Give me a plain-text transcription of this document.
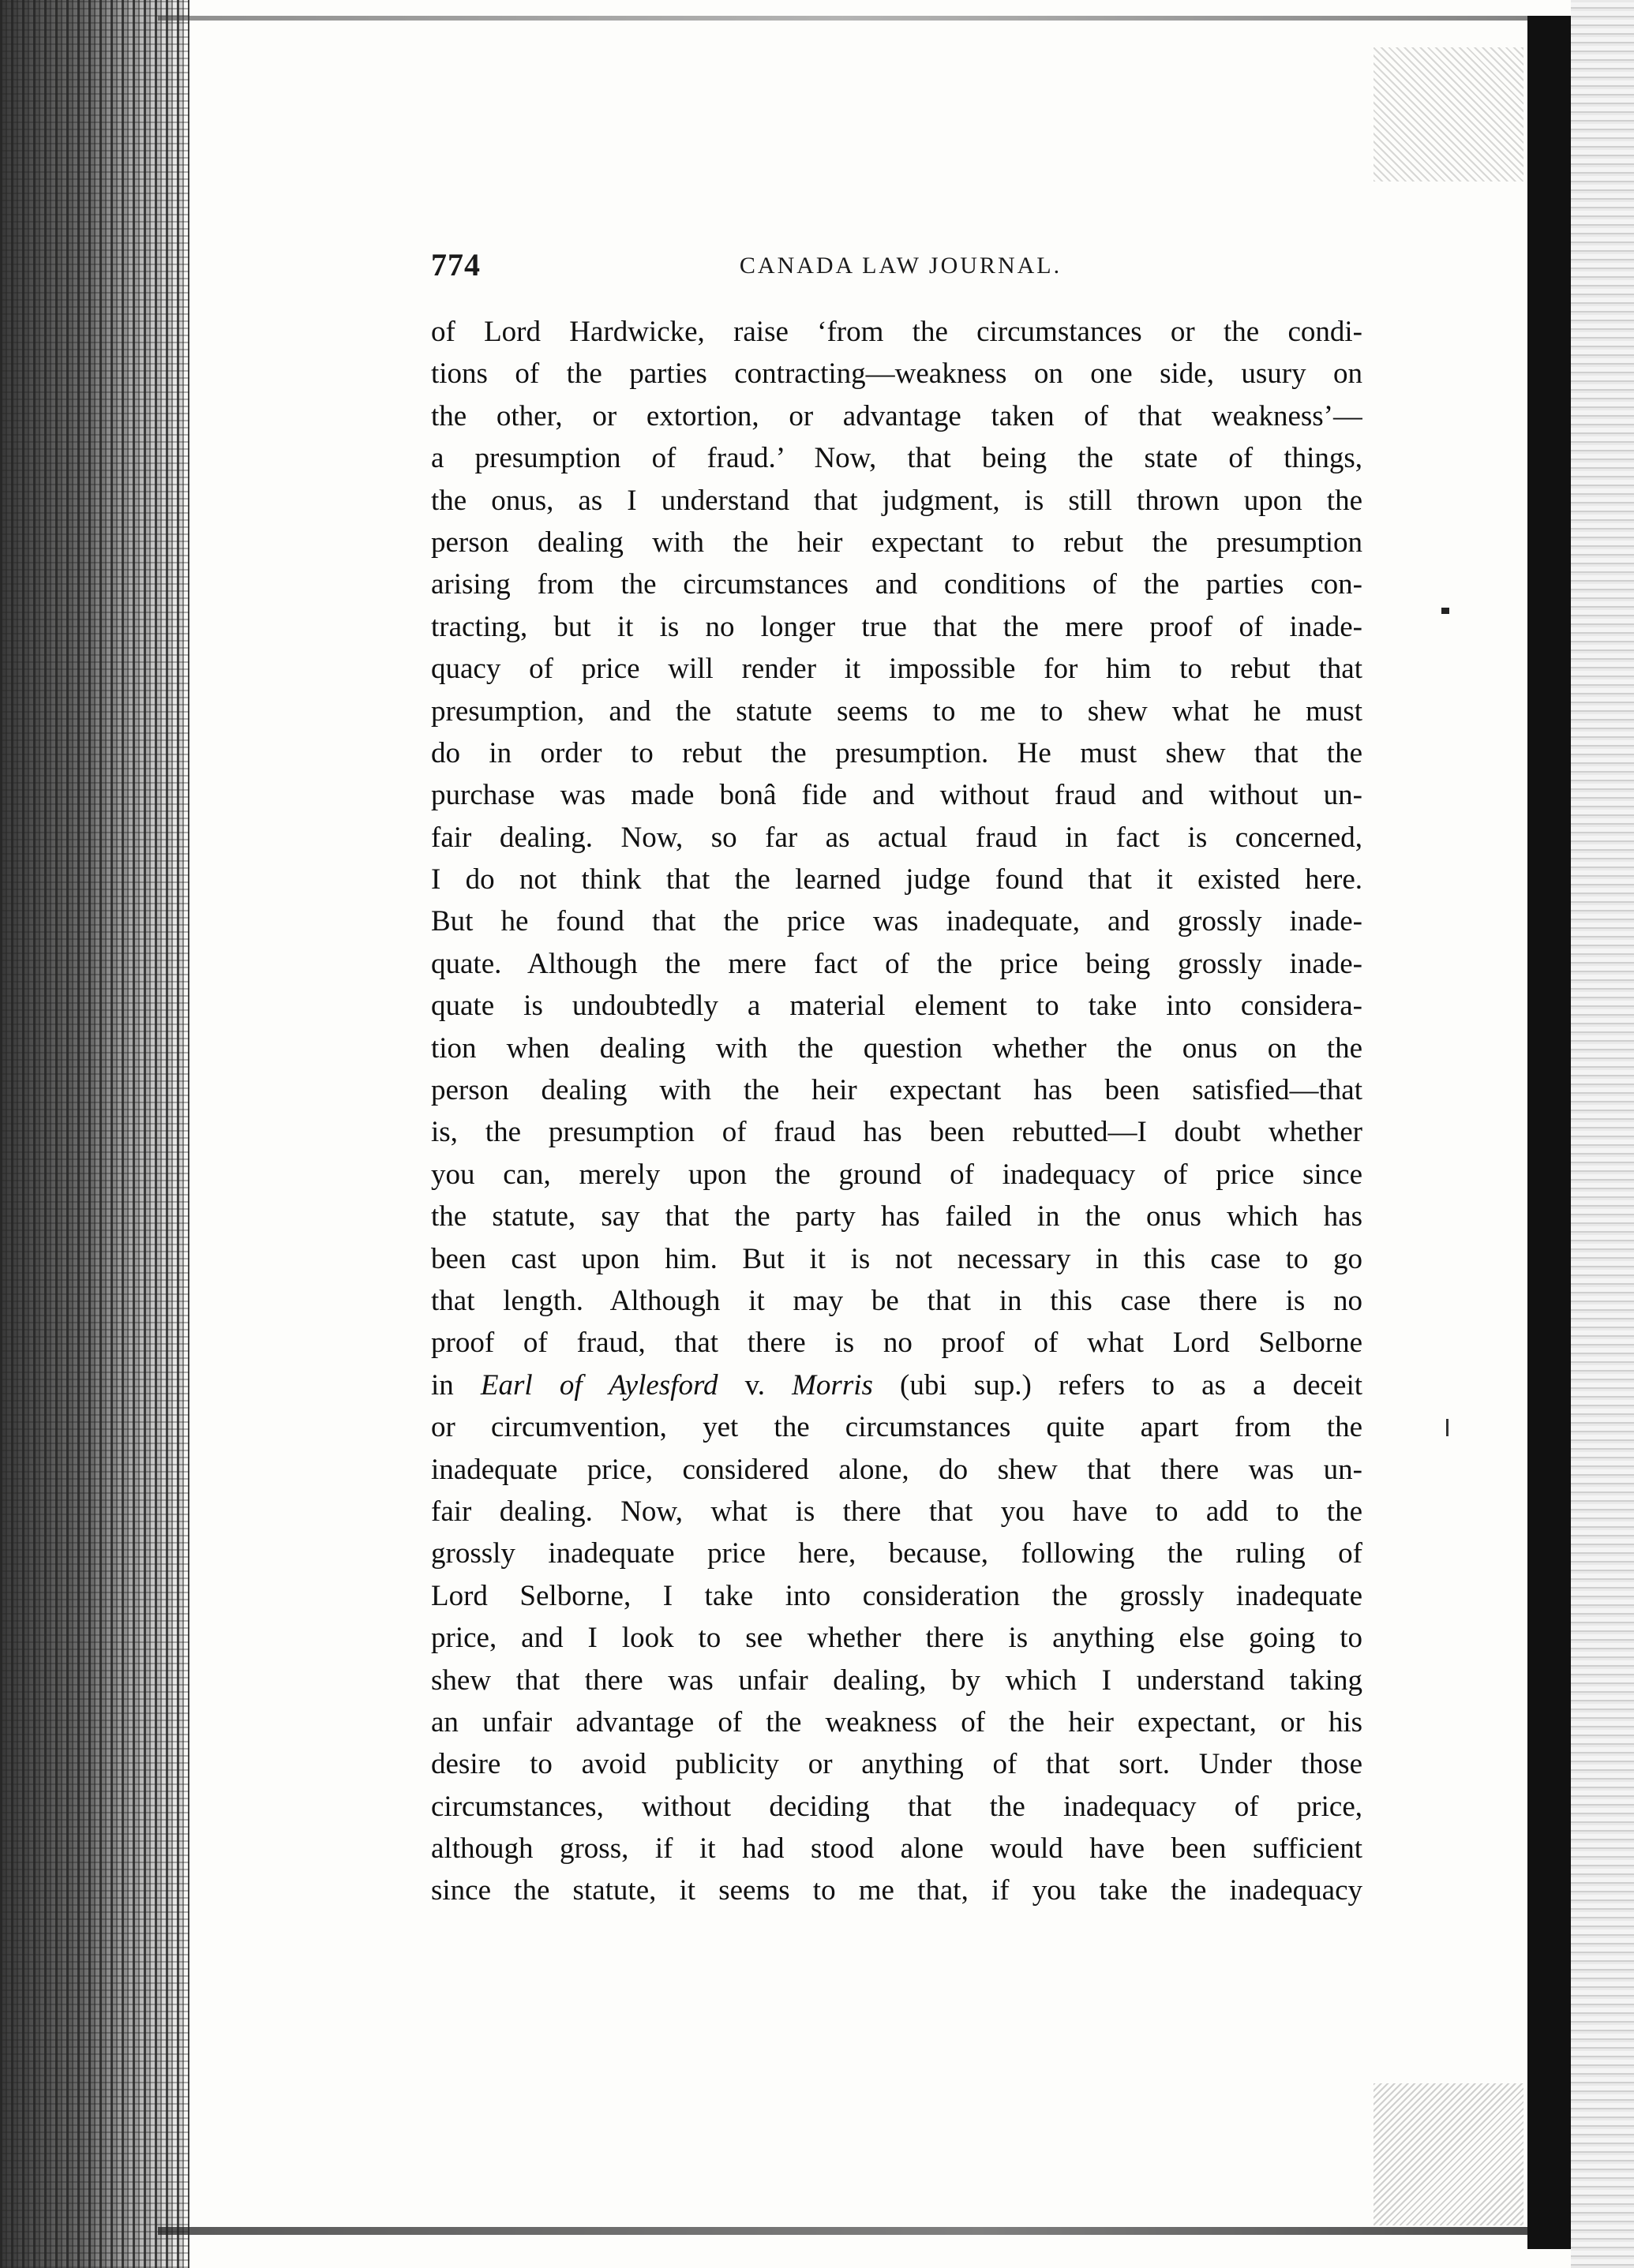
774	CANADA LAW JOURNAL.
of Lord Hardwicke, raise ‘from the circumstances or the condi-
tions of the parties contracting—weakness on one side, usury on
the other, or extortion, or advantage taken of that weakness’—
a presumption of fraud.’ Now, that being the state of things,
the onus, as I understand that judgment, is still thrown upon the
person dealing with the heir expectant to rebut the presumption
arising from the circumstances and conditions of the parties con-
tracting, but it is no longer true that the mere proof of inade-
quacy of price will render it impossible for him to rebut that
presumption, and the statute seems to me to shew what he must
do in order to rebut the presumption. He must shew that the
purchase was made bonâ fide and without fraud and without un-
fair dealing. Now, so far as actual fraud in fact is concerned,
I do not think that the learned judge found that it existed here.
But he found that the price was inadequate, and grossly inade-
quate. Although the mere fact of the price being grossly inade-
quate is undoubtedly a material element to take into considera-
tion when dealing with the question whether the onus on the
person dealing with the heir expectant has been satisfied—that
is, the presumption of fraud has been rebutted—I doubt whether
you can, merely upon the ground of inadequacy of price since
the statute, say that the party has failed in the onus which has
been cast upon him. But it is not necessary in this case to go
that length. Although it may be that in this case there is no
proof of fraud, that there is no proof of what Lord Selborne
in Earl of Aylesford v. Morris (ubi sup.) refers to as a deceit
or circumvention, yet the circumstances quite apart from the
inadequate price, considered alone, do shew that there was un-
fair dealing. Now, what is there that you have to add to the
grossly inadequate price here, because, following the ruling of
Lord Selborne, I take into consideration the grossly inadequate
price, and I look to see whether there is anything else going to
shew that there was unfair dealing, by which I understand taking
an unfair advantage of the weakness of the heir expectant, or his
desire to avoid publicity or anything of that sort. Under those
circumstances, without deciding that the inadequacy of price,
although gross, if it had stood alone would have been sufficient
since the statute, it seems to me that, if you take the inadequacy
